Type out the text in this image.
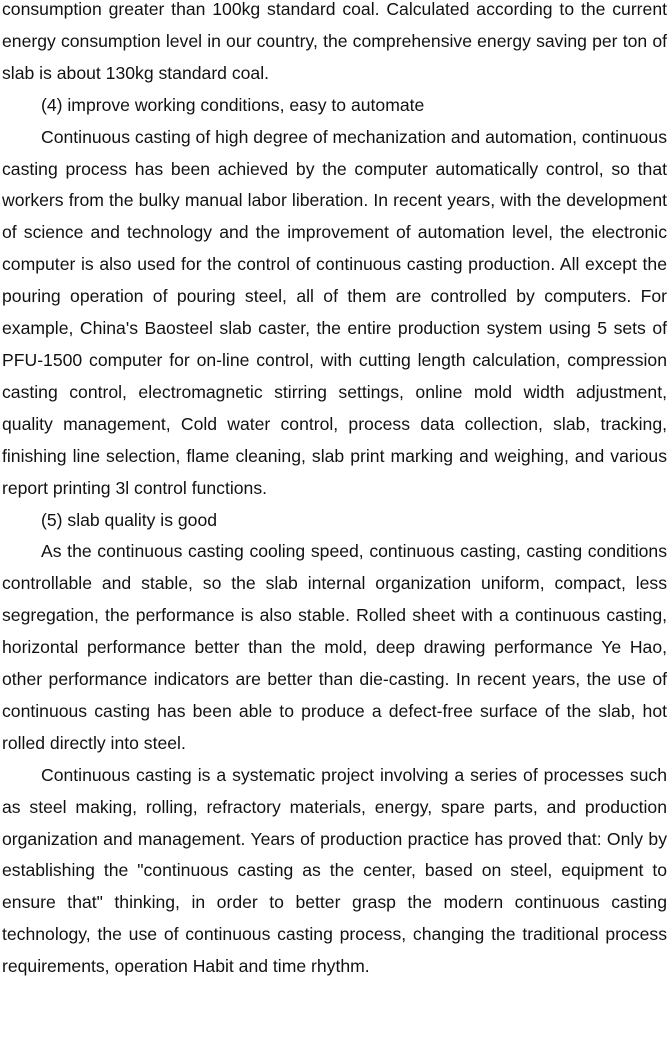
consumption greater than 100kg standard coal. Calculated according to the current energy consumption level in our country, the comprehensive energy saving per ton of slab is about 130kg standard coal.

(4) improve working conditions, easy to automate

Continuous casting of high degree of mechanization and automation, continuous casting process has been achieved by the computer automatically control, so that workers from the bulky manual labor liberation. In recent years, with the development of science and technology and the improvement of automation level, the electronic computer is also used for the control of continuous casting production. All except the pouring operation of pouring steel, all of them are controlled by computers. For example, China's Baosteel slab caster, the entire production system using 5 sets of PFU-1500 computer for on-line control, with cutting length calculation, compression casting control, electromagnetic stirring settings, online mold width adjustment, quality management, Cold water control, process data collection, slab, tracking, finishing line selection, flame cleaning, slab print marking and weighing, and various report printing 3l control functions.

(5) slab quality is good

As the continuous casting cooling speed, continuous casting, casting conditions controllable and stable, so the slab internal organization uniform, compact, less segregation, the performance is also stable. Rolled sheet with a continuous casting, horizontal performance better than the mold, deep drawing performance Ye Hao, other performance indicators are better than die-casting. In recent years, the use of continuous casting has been able to produce a defect-free surface of the slab, hot rolled directly into steel.

Continuous casting is a systematic project involving a series of processes such as steel making, rolling, refractory materials, energy, spare parts, and production organization and management. Years of production practice has proved that: Only by establishing the "continuous casting as the center, based on steel, equipment to ensure that" thinking, in order to better grasp the modern continuous casting technology, the use of continuous casting process, changing the traditional process requirements, operation Habit and time rhythm.
